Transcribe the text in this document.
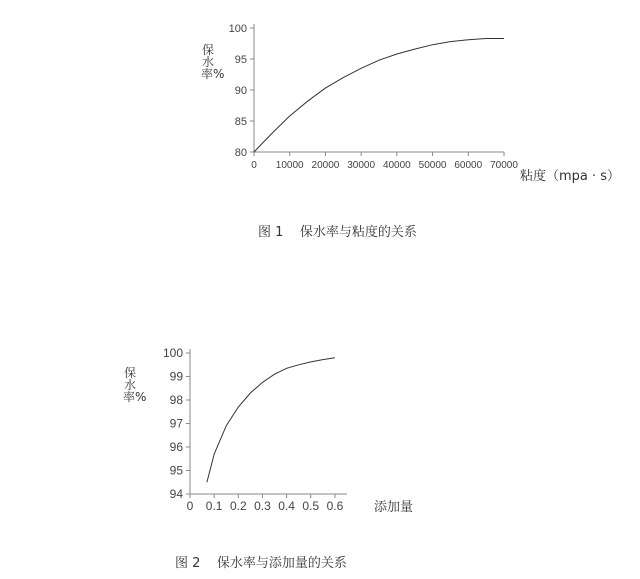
80
85
90
95
100
0 10000 20000 30000 40000 50000 60000 70000
保水率%
粘度（mpa · s）
图 1    保水率与粘度的关系
94
95
96
97
98
99
100
0 0.1 0.2 0.3 0.4 0.5 0.6
保水率%
添加量
图 2    保水率与添加量的关系
